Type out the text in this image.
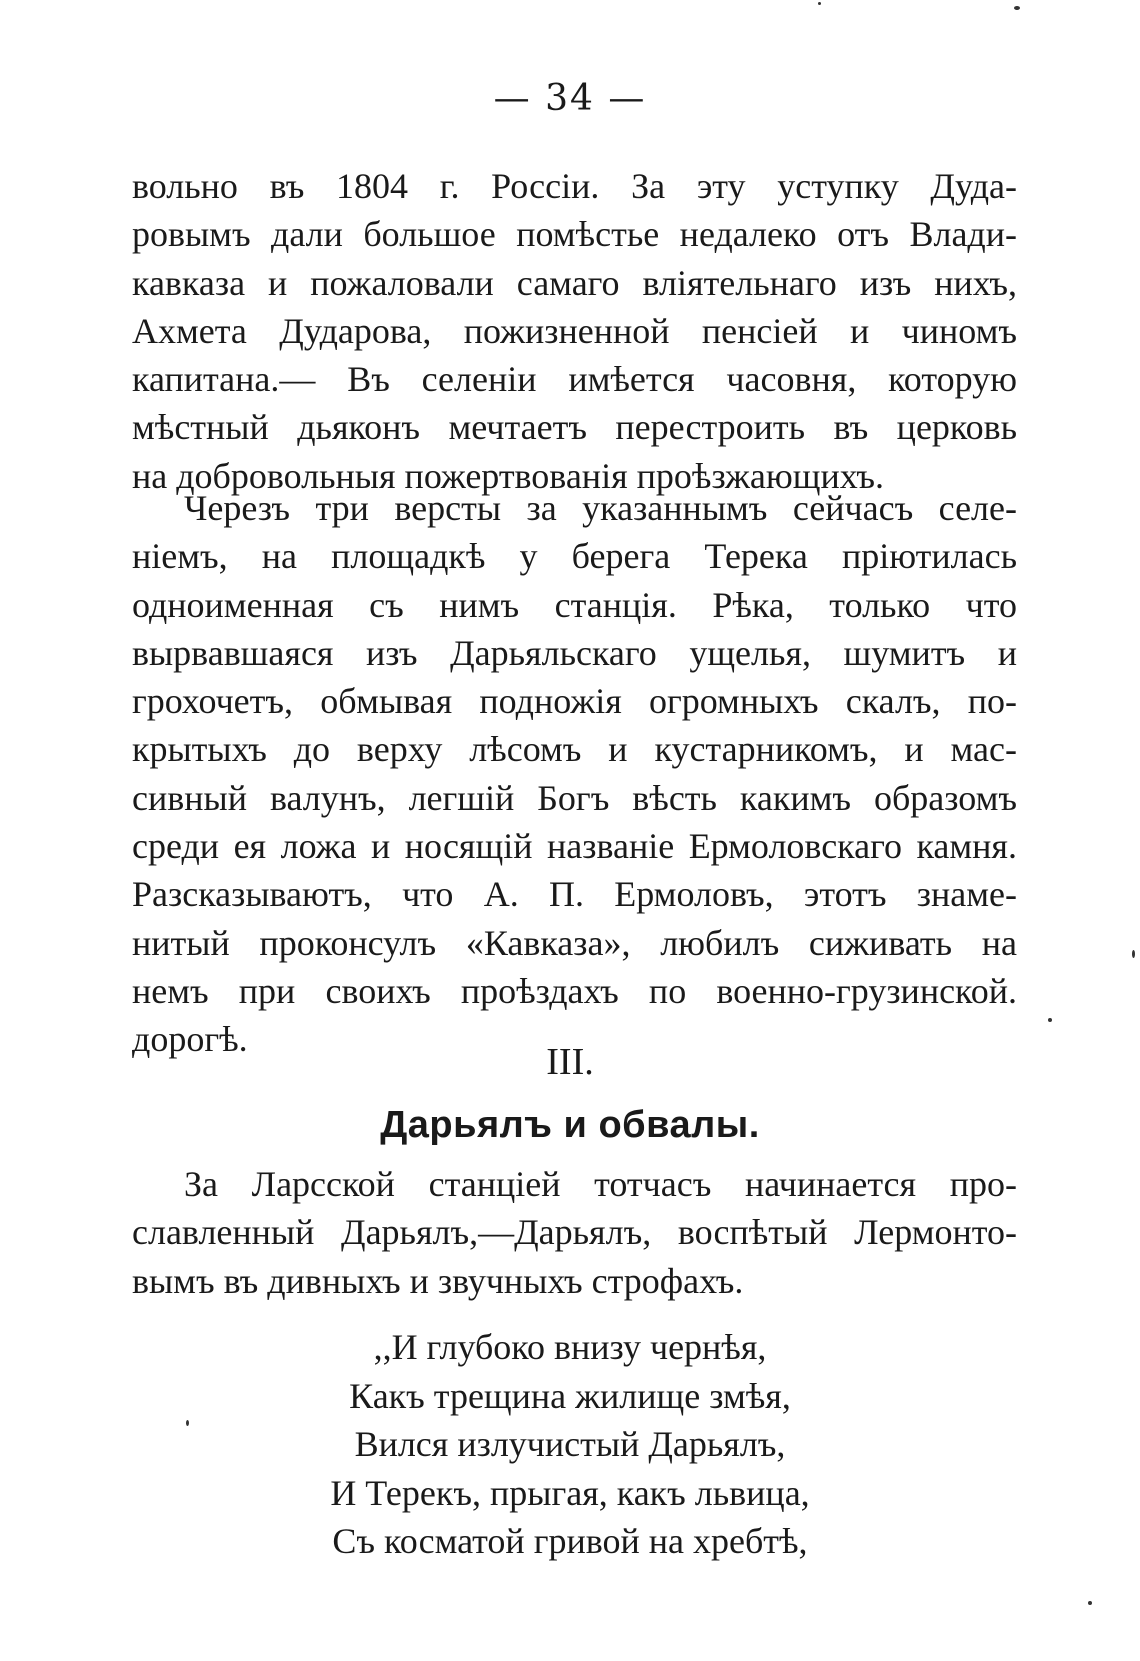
— 34 —
вольно въ 1804 г. Россіи. За эту уступку Дуда-
ровымъ дали большое помѣстье недалеко отъ Влади-
кавказа и пожаловали самаго вліятельнаго изъ нихъ,
Ахмета Дударова, пожизненной пенсіей и чиномъ
капитана.— Въ селеніи имѣется часовня, которую
мѣстный дьяконъ мечтаетъ перестроить въ церковь
на добровольныя пожертвованія проѣзжающихъ.
Черезъ три версты за указаннымъ сейчасъ селе-
ніемъ, на площадкѣ у берега Терека пріютилась
одноименная съ нимъ станція. Рѣка, только что
вырвавшаяся изъ Дарьяльскаго ущелья, шумитъ и
грохочетъ, обмывая подножія огромныхъ скалъ, по-
крытыхъ до верху лѣсомъ и кустарникомъ, и мас-
сивный валунъ, легшій Богъ вѣсть какимъ образомъ
среди ея ложа и носящій названіе Ермоловскаго камня.
Разсказываютъ, что А. П. Ермоловъ, этотъ знаме-
нитый проконсулъ «Кавказа», любилъ сиживать на
немъ при своихъ проѣздахъ по военно-грузинской.
дорогѣ.
III.
Дарьялъ и обвалы.
За Ларсской станціей тотчасъ начинается про-
славленный Дарьялъ,—Дарьялъ, воспѣтый Лермонто-
вымъ въ дивныхъ и звучныхъ строфахъ.
,,И глубоко внизу чернѣя,
Какъ трещина жилище змѣя,
Вился излучистый Дарьялъ,
И Терекъ, прыгая, какъ львица,
Съ косматой гривой на хребтѣ,
